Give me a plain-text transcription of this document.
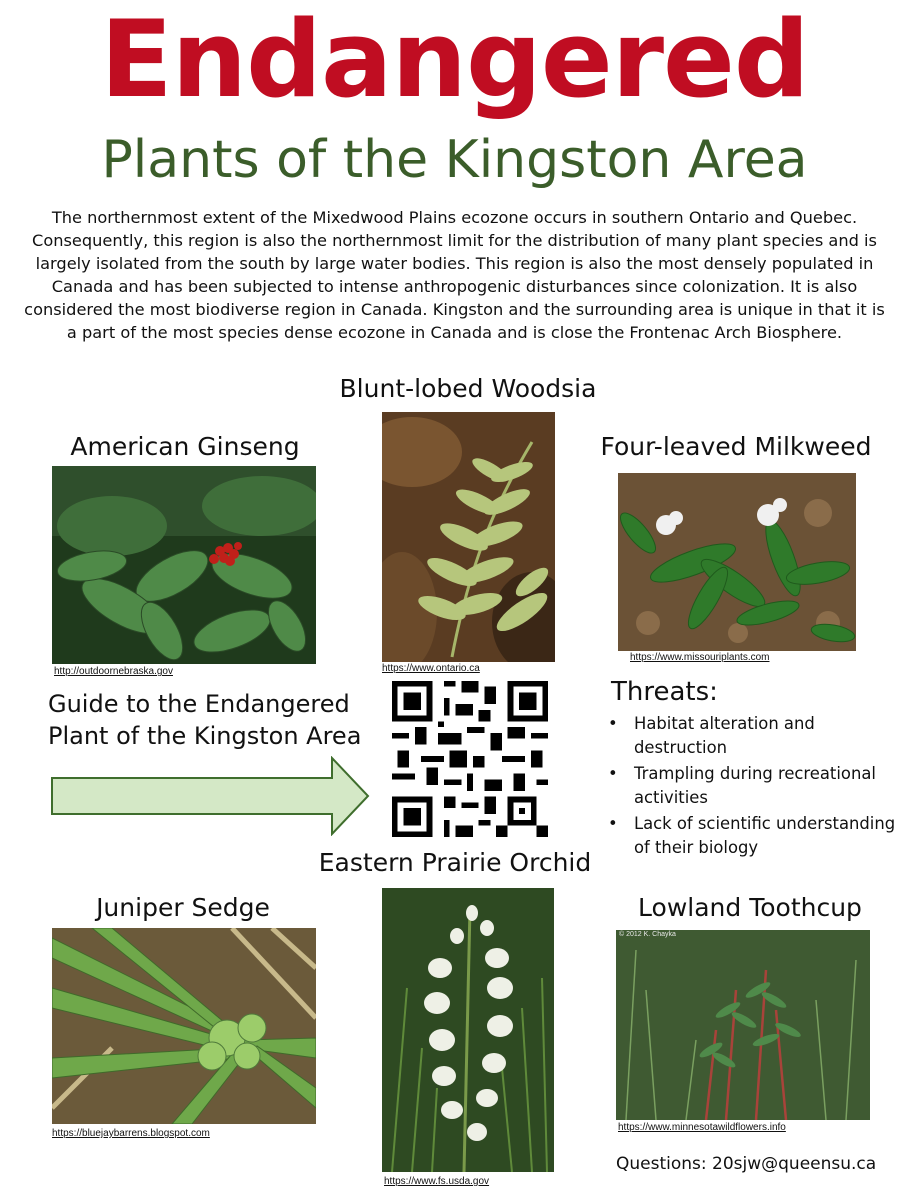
Endangered
Plants of the Kingston Area
The northernmost extent of the Mixedwood Plains ecozone occurs in southern Ontario and Quebec. Consequently, this region is also the northernmost limit for the distribution of many plant species and is largely isolated from the south by large water bodies. This region is also the most densely populated in Canada and has been subjected to intense anthropogenic disturbances since colonization. It is also considered the most biodiverse region in Canada. Kingston and the surrounding area is unique in that it is a part of the most species dense ecozone in Canada and is close the Frontenac Arch Biosphere.
Blunt-lobed Woodsia
https://www.ontario.ca
American Ginseng
http://outdoornebraska.gov
Four-leaved Milkweed
https://www.missouriplants.com
Guide to the Endangered Plant of the Kingston Area
Threats:
• Habitat alteration and destruction
• Trampling during recreational activities
• Lack of scientific understanding of their biology
Eastern Prairie Orchid
https://www.fs.usda.gov
Juniper Sedge
https://bluejaybarrens.blogspot.com
Lowland Toothcup
© 2012 K. Chayka
https://www.minnesotawildflowers.info
Questions: 20sjw@queensu.ca
